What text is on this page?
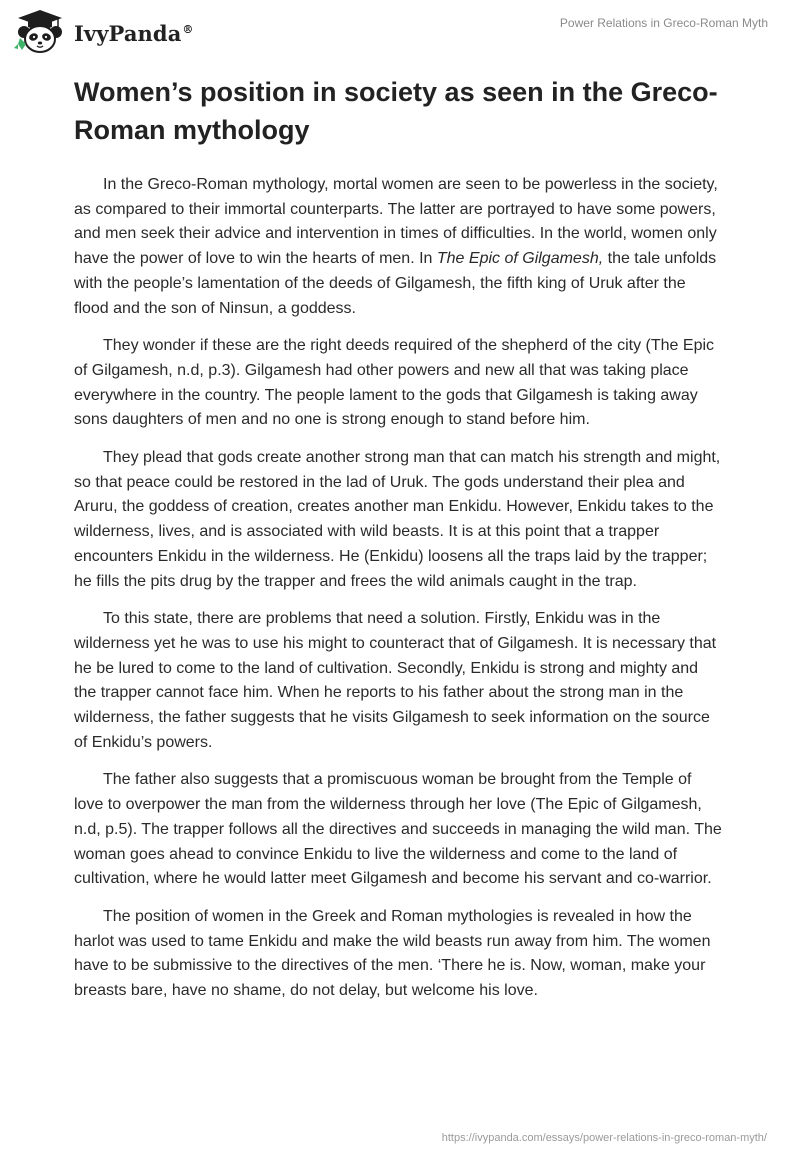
IvyPanda®	Power Relations in Greco-Roman Myth
Women’s position in society as seen in the Greco-Roman mythology

In the Greco-Roman mythology, mortal women are seen to be powerless in the society, as compared to their immortal counterparts. The latter are portrayed to have some powers, and men seek their advice and intervention in times of difficulties. In the world, women only have the power of love to win the hearts of men. In The Epic of Gilgamesh, the tale unfolds with the people’s lamentation of the deeds of Gilgamesh, the fifth king of Uruk after the flood and the son of Ninsun, a goddess.

They wonder if these are the right deeds required of the shepherd of the city (The Epic of Gilgamesh, n.d, p.3). Gilgamesh had other powers and new all that was taking place everywhere in the country. The people lament to the gods that Gilgamesh is taking away sons daughters of men and no one is strong enough to stand before him.

They plead that gods create another strong man that can match his strength and might, so that peace could be restored in the lad of Uruk. The gods understand their plea and Aruru, the goddess of creation, creates another man Enkidu. However, Enkidu takes to the wilderness, lives, and is associated with wild beasts. It is at this point that a trapper encounters Enkidu in the wilderness. He (Enkidu) loosens all the traps laid by the trapper; he fills the pits drug by the trapper and frees the wild animals caught in the trap.

To this state, there are problems that need a solution. Firstly, Enkidu was in the wilderness yet he was to use his might to counteract that of Gilgamesh. It is necessary that he be lured to come to the land of cultivation. Secondly, Enkidu is strong and mighty and the trapper cannot face him. When he reports to his father about the strong man in the wilderness, the father suggests that he visits Gilgamesh to seek information on the source of Enkidu’s powers.

The father also suggests that a promiscuous woman be brought from the Temple of love to overpower the man from the wilderness through her love (The Epic of Gilgamesh, n.d, p.5). The trapper follows all the directives and succeeds in managing the wild man. The woman goes ahead to convince Enkidu to live the wilderness and come to the land of cultivation, where he would latter meet Gilgamesh and become his servant and co-warrior.

The position of women in the Greek and Roman mythologies is revealed in how the harlot was used to tame Enkidu and make the wild beasts run away from him. The women have to be submissive to the directives of the men. ‘There he is. Now, woman, make your breasts bare, have no shame, do not delay, but welcome his love.

https://ivypanda.com/essays/power-relations-in-greco-roman-myth/
